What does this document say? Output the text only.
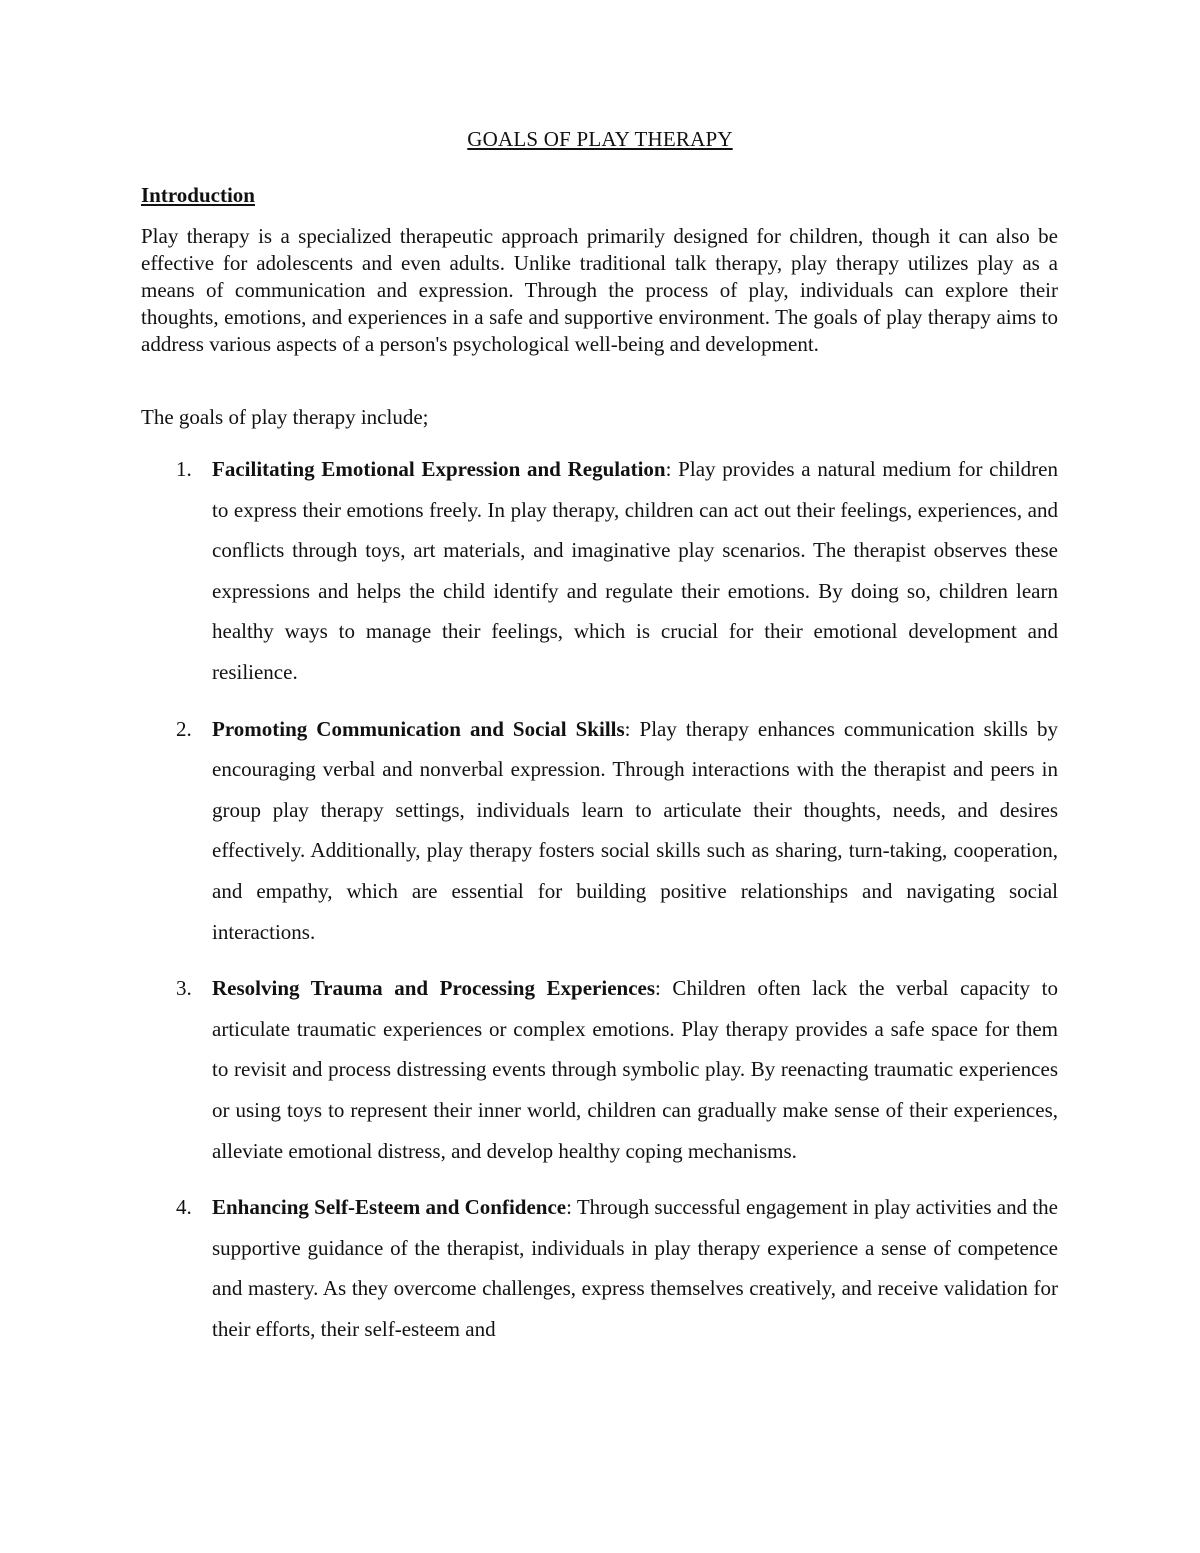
GOALS OF PLAY THERAPY
Introduction

Play therapy is a specialized therapeutic approach primarily designed for children, though it can also be effective for adolescents and even adults. Unlike traditional talk therapy, play therapy utilizes play as a means of communication and expression. Through the process of play, individuals can explore their thoughts, emotions, and experiences in a safe and supportive environment. The goals of play therapy aims to address various aspects of a person's psychological well-being and development.

The goals of play therapy include;

1. Facilitating Emotional Expression and Regulation: Play provides a natural medium for children to express their emotions freely. In play therapy, children can act out their feelings, experiences, and conflicts through toys, art materials, and imaginative play scenarios. The therapist observes these expressions and helps the child identify and regulate their emotions. By doing so, children learn healthy ways to manage their feelings, which is crucial for their emotional development and resilience.
2. Promoting Communication and Social Skills: Play therapy enhances communication skills by encouraging verbal and nonverbal expression. Through interactions with the therapist and peers in group play therapy settings, individuals learn to articulate their thoughts, needs, and desires effectively. Additionally, play therapy fosters social skills such as sharing, turn-taking, cooperation, and empathy, which are essential for building positive relationships and navigating social interactions.
3. Resolving Trauma and Processing Experiences: Children often lack the verbal capacity to articulate traumatic experiences or complex emotions. Play therapy provides a safe space for them to revisit and process distressing events through symbolic play. By reenacting traumatic experiences or using toys to represent their inner world, children can gradually make sense of their experiences, alleviate emotional distress, and develop healthy coping mechanisms.
4. Enhancing Self-Esteem and Confidence: Through successful engagement in play activities and the supportive guidance of the therapist, individuals in play therapy experience a sense of competence and mastery. As they overcome challenges, express themselves creatively, and receive validation for their efforts, their self-esteem and
